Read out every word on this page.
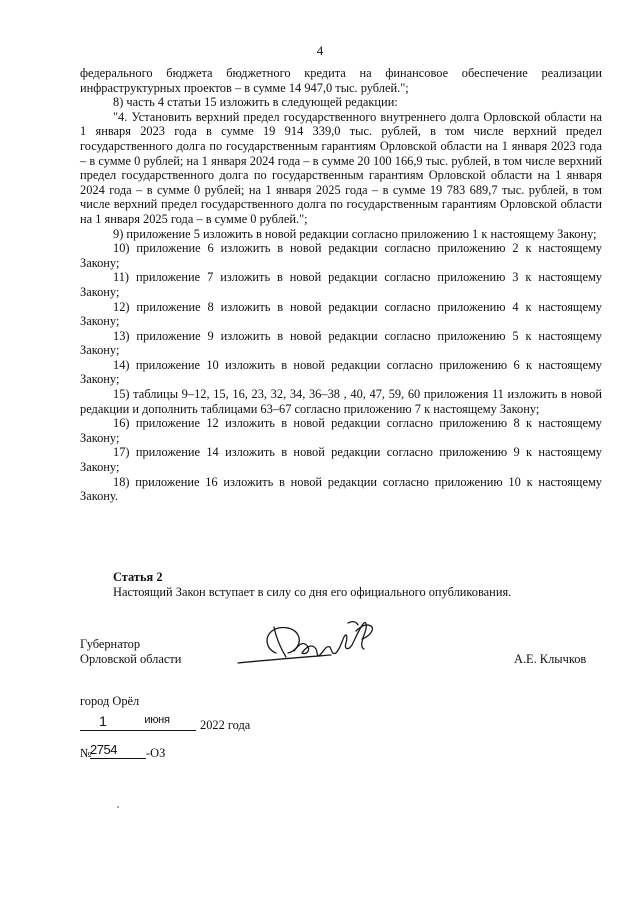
4

федерального бюджета бюджетного кредита на финансовое обеспечение реализации инфраструктурных проектов – в сумме 14 947,0 тыс. рублей.";

8) часть 4 статьи 15 изложить в следующей редакции:

"4. Установить верхний предел государственного внутреннего долга Орловской области на 1 января 2023 года в сумме 19 914 339,0 тыс. рублей, в том числе верхний предел государственного долга по государственным гарантиям Орловской области на 1 января 2023 года – в сумме 0 рублей; на 1 января 2024 года – в сумме 20 100 166,9 тыс. рублей, в том числе верхний предел государственного долга по государственным гарантиям Орловской области на 1 января 2024 года – в сумме 0 рублей; на 1 января 2025 года – в сумме 19 783 689,7 тыс. рублей, в том числе верхний предел государственного долга по государственным гарантиям Орловской области на 1 января 2025 года – в сумме 0 рублей.";

9) приложение 5 изложить в новой редакции согласно приложению 1 к настоящему Закону;

10) приложение 6 изложить в новой редакции согласно приложению 2 к настоящему Закону;

11) приложение 7 изложить в новой редакции согласно приложению 3 к настоящему Закону;

12) приложение 8 изложить в новой редакции согласно приложению 4 к настоящему Закону;

13) приложение 9 изложить в новой редакции согласно приложению 5 к настоящему Закону;

14) приложение 10 изложить в новой редакции согласно приложению 6 к настоящему Закону;

15) таблицы 9–12, 15, 16, 23, 32, 34, 36–38 , 40, 47, 59, 60 приложения 11 изложить в новой редакции и дополнить таблицами 63–67 согласно приложению 7 к настоящему Закону;

16) приложение 12 изложить в новой редакции согласно приложению 8 к настоящему Закону;

17) приложение 14 изложить в новой редакции согласно приложению 9 к настоящему Закону;

18) приложение 16 изложить в новой редакции согласно приложению 10 к настоящему Закону.

Статья 2
Настоящий Закон вступает в силу со дня его официального опубликования.
Губернатор
Орловской области	А.Е. Клычков
город Орёл
1	июня	2022 года
№
2754	-ОЗ
